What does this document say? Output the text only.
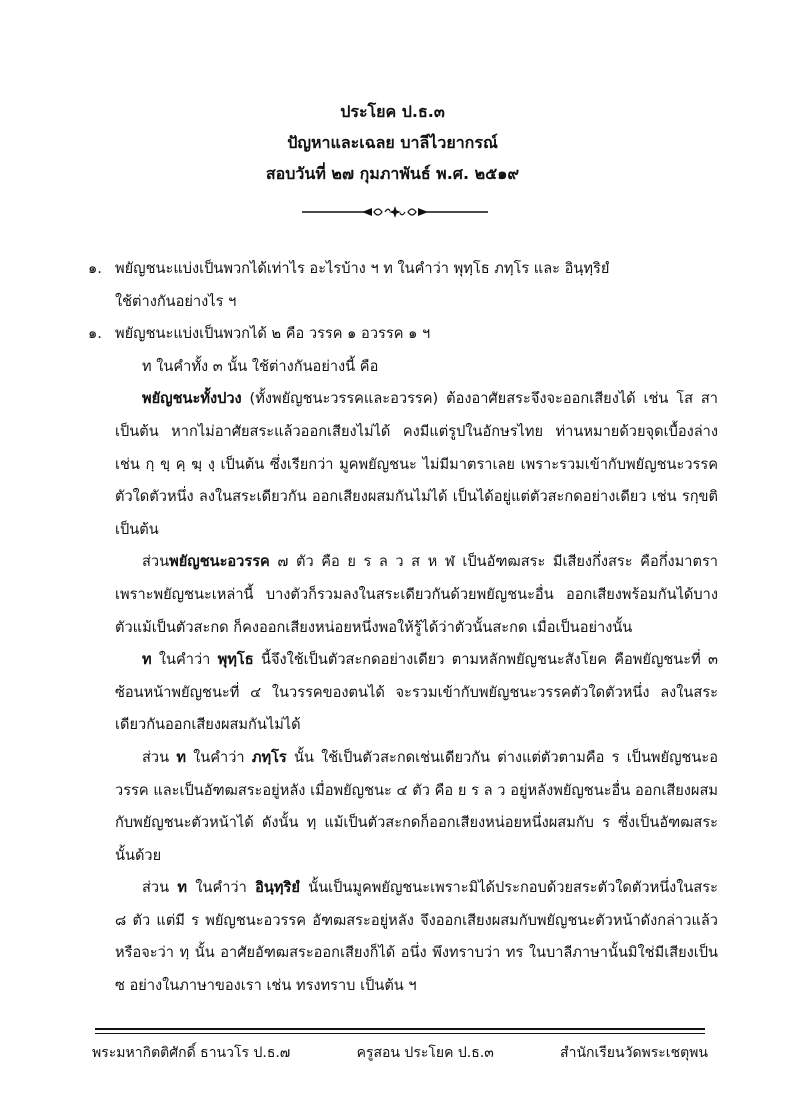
ประโยค ป.ธ.๓
ปัญหาและเฉลย บาลีไวยากรณ์
สอบวันที่ ๒๗ กุมภาพันธ์ พ.ศ. ๒๕๑๙
๑. พยัญชนะแบ่งเป็นพวกได้เท่าไร อะไรบ้าง ฯ ท ในคำว่า พุทฺโธ ภทฺโร และ อินฺทฺริยํ
ใช้ต่างกันอย่างไร ฯ
๑. พยัญชนะแบ่งเป็นพวกได้ ๒ คือ วรรค ๑ อวรรค ๑ ฯ
ท ในคำทั้ง ๓ นั้น ใช้ต่างกันอย่างนี้ คือ
พยัญชนะทั้งปวง (ทั้งพยัญชนะวรรคและอวรรค) ต้องอาศัยสระจึงจะออกเสียงได้ เช่น โส สา เป็นต้น หากไม่อาศัยสระแล้วออกเสียงไม่ได้ คงมีแต่รูปในอักษรไทย ท่านหมายด้วยจุดเบื้องล่าง เช่น กฺ ขฺ คฺ ฆฺ งฺ เป็นต้น ซึ่งเรียกว่า มูคพยัญชนะ ไม่มีมาตราเลย เพราะรวมเข้ากับพยัญชนะวรรคตัวใดตัวหนึ่ง ลงในสระเดียวกัน ออกเสียงผสมกันไม่ได้ เป็นได้อยู่แต่ตัวสะกดอย่างเดียว เช่น รกฺขติ เป็นต้น
ส่วนพยัญชนะอวรรค ๗ ตัว คือ ย ร ล ว ส ห ฬ เป็นอัฑฒสระ มีเสียงกึ่งสระ คือกึ่งมาตรา เพราะพยัญชนะเหล่านี้ บางตัวก็รวมลงในสระเดียวกันด้วยพยัญชนะอื่น ออกเสียงพร้อมกันได้บางตัวแม้เป็นตัวสะกด ก็คงออกเสียงหน่อยหนึ่งพอให้รู้ได้ว่าตัวนั้นสะกด เมื่อเป็นอย่างนั้น
ท ในคำว่า พุทฺโธ นี้จึงใช้เป็นตัวสะกดอย่างเดียว ตามหลักพยัญชนะสังโยค คือพยัญชนะที่ ๓ ซ้อนหน้าพยัญชนะที่ ๔ ในวรรคของตนได้ จะรวมเข้ากับพยัญชนะวรรคตัวใดตัวหนึ่ง ลงในสระเดียวกันออกเสียงผสมกันไม่ได้
ส่วน ท ในคำว่า ภทฺโร นั้น ใช้เป็นตัวสะกดเช่นเดียวกัน ต่างแต่ตัวตามคือ ร เป็นพยัญชนะอวรรค และเป็นอัฑฒสระอยู่หลัง เมื่อพยัญชนะ ๔ ตัว คือ ย ร ล ว อยู่หลังพยัญชนะอื่น ออกเสียงผสมกับพยัญชนะตัวหน้าได้ ดังนั้น ทฺ แม้เป็นตัวสะกดก็ออกเสียงหน่อยหนึ่งผสมกับ ร ซึ่งเป็นอัฑฒสระนั้นด้วย
ส่วน ท ในคำว่า อินฺทฺริยํ นั้นเป็นมูคพยัญชนะเพราะมิได้ประกอบด้วยสระตัวใดตัวหนึ่งในสระ ๘ ตัว แต่มี ร พยัญชนะอวรรค อัฑฒสระอยู่หลัง จึงออกเสียงผสมกับพยัญชนะตัวหน้าดังกล่าวแล้ว หรือจะว่า ทฺ นั้น อาศัยอัฑฒสระออกเสียงก็ได้ อนึ่ง พึงทราบว่า ทร ในบาลีภาษานั้นมิใช่มีเสียงเป็น ซ อย่างในภาษาของเรา เช่น ทรงทราบ เป็นต้น ฯ
พระมหากิตติศักดิ์ ธานวโร ป.ธ.๗	ครูสอน ประโยค ป.ธ.๓	สำนักเรียนวัดพระเชตุพน
